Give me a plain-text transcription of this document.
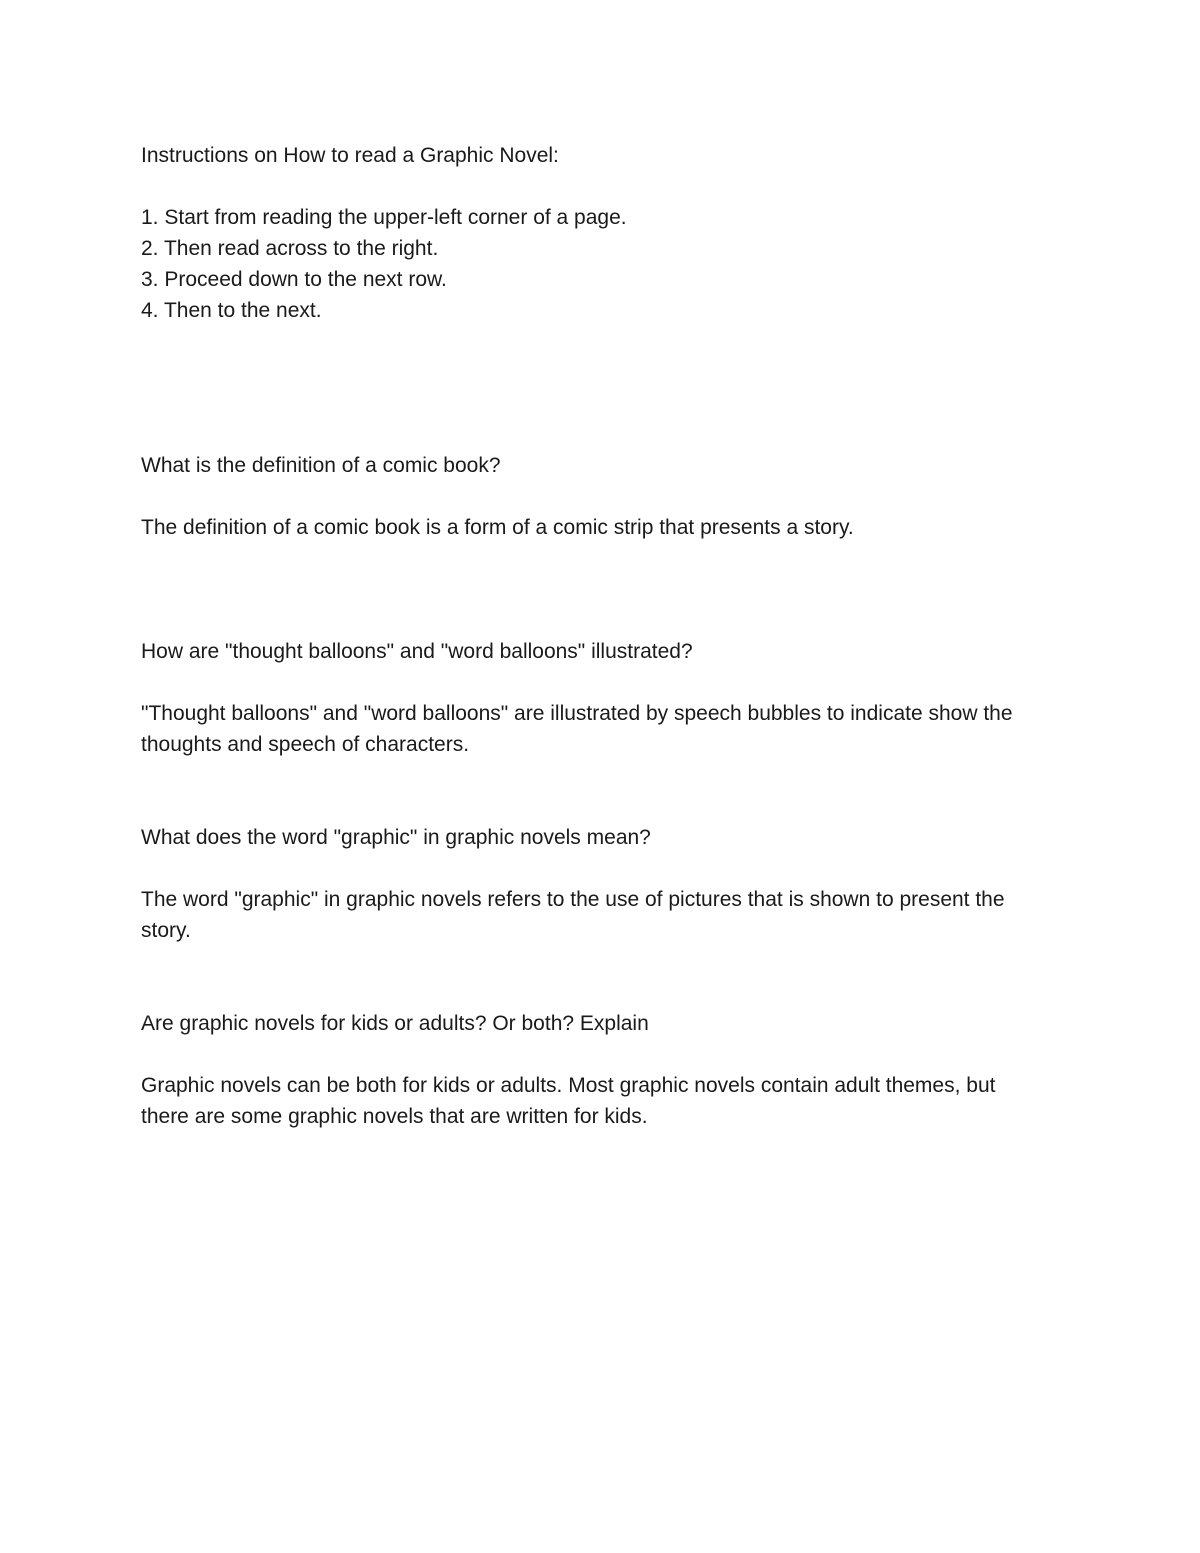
Instructions on How to read a Graphic Novel:

1. Start from reading the upper-left corner of a page.
2. Then read across to the right.
3. Proceed down to the next row.
4. Then to the next.

What is the definition of a comic book?

The definition of a comic book is a form of a comic strip that presents a story.

How are "thought balloons" and "word balloons" illustrated?

"Thought balloons" and "word balloons" are illustrated by speech bubbles to indicate show the thoughts and speech of characters.

What does the word "graphic" in graphic novels mean?

The word "graphic" in graphic novels refers to the use of pictures that is shown to present the story.

Are graphic novels for kids or adults? Or both? Explain

Graphic novels can be both for kids or adults. Most graphic novels contain adult themes, but there are some graphic novels that are written for kids.
